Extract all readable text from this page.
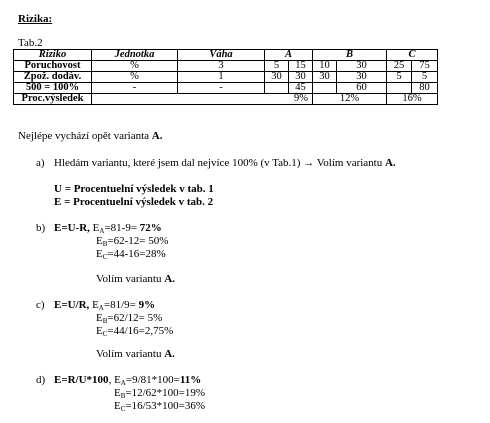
Rizika:
Tab.2
Riziko	Jednotka	Váha	A		B		C	
Poruchovost	%	3	5	15	10	30	25	75
Zpož. dodáv.	%	1	30	30	30	30	5	5
500 = 100%	-	-		45		60		80
Proc.výsledek	9%				12%		16%	
Nejlépe vychází opět varianta A.
a) Hledám variantu, které jsem dal nejvíce 100% (v Tab.1) → Volím variantu A.
U = Procentuelní výsledek v tab. 1
E = Procentuelní výsledek v tab. 2
b) E=U-R, $E_A=81-9= 72\%$
$E_B=62-12= 50\%$
$E_C=44-16=28\%$
Volím variantu A.
c) E=U/R, $E_A=81/9= 9\%$
$E_B=62/12= 5\%$
$E_C=44/16=2,75\%$
Volím variantu A.
d) E=R/U*100, $E_A=9/81*100=11\%$
$E_B=12/62*100=19\%$
$E_C=16/53*100=36\%$
